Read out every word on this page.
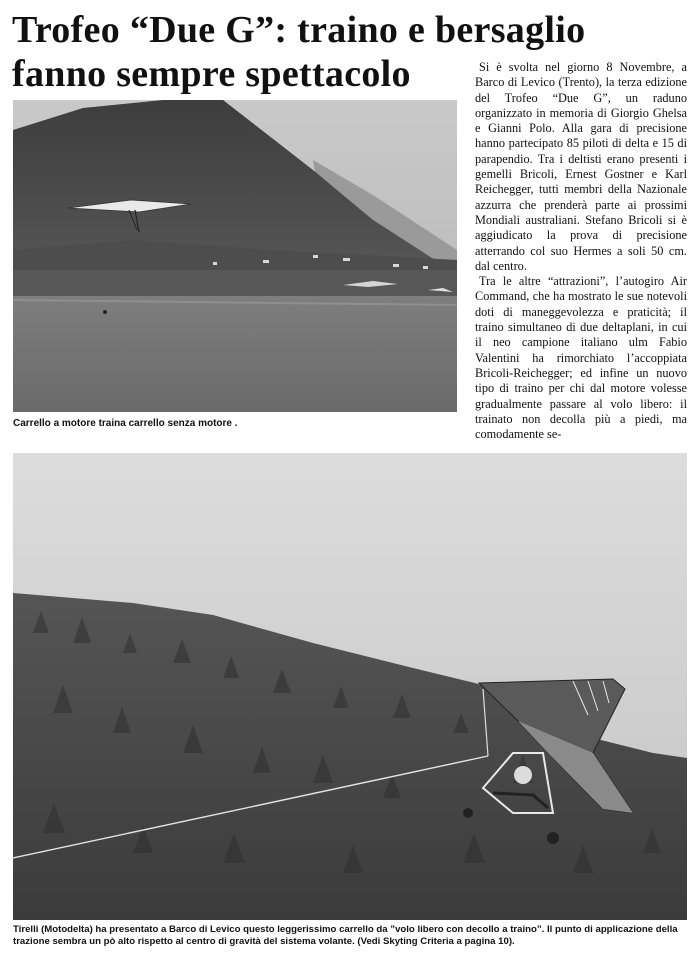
Trofeo “Due G”: traino e bersaglio
fanno sempre spettacolo	Si è svolta nel giorno 8 Novembre, a Barco di Levico (Trento), la terza edizione del Trofeo “Due G”, un raduno organizzato in memoria di Giorgio Ghelsa e Gianni Polo. Alla gara di precisione hanno partecipato 85 piloti di delta e 15 di parapendio. Tra i deltisti erano presenti i gemelli Bricoli, Ernest Gostner e Karl Reichegger, tutti membri della Nazionale azzurra che prenderà parte ai prossimi Mondiali australiani. Stefano Bricoli si è aggiudicato la prova di precisione atterrando col suo Hermes a soli 50 cm. dal centro.

Tra le altre “attrazioni”, l’autogiro Air Command, che ha mostrato le sue notevoli doti di maneggevolezza e praticità; il traino simultaneo di due deltaplani, in cui il neo campione italiano ulm Fabio Valentini ha rimorchiato l’accoppiata Bricoli-Reichegger; ed infine un nuovo tipo di traino per chi dal motore volesse gradualmente passare al volo libero: il trainato non decolla più a piedi, ma comodamente se-

Carrello a motore traina carrello senza motore .
Tirelli (Motodelta) ha presentato a Barco di Levico questo leggerissimo carrello da ”volo libero con decollo a traino”. Il punto di applicazione della trazione sembra un pò alto rispetto al centro di gravità del sistema volante. (Vedi Skyting Criteria a pagina 10).
